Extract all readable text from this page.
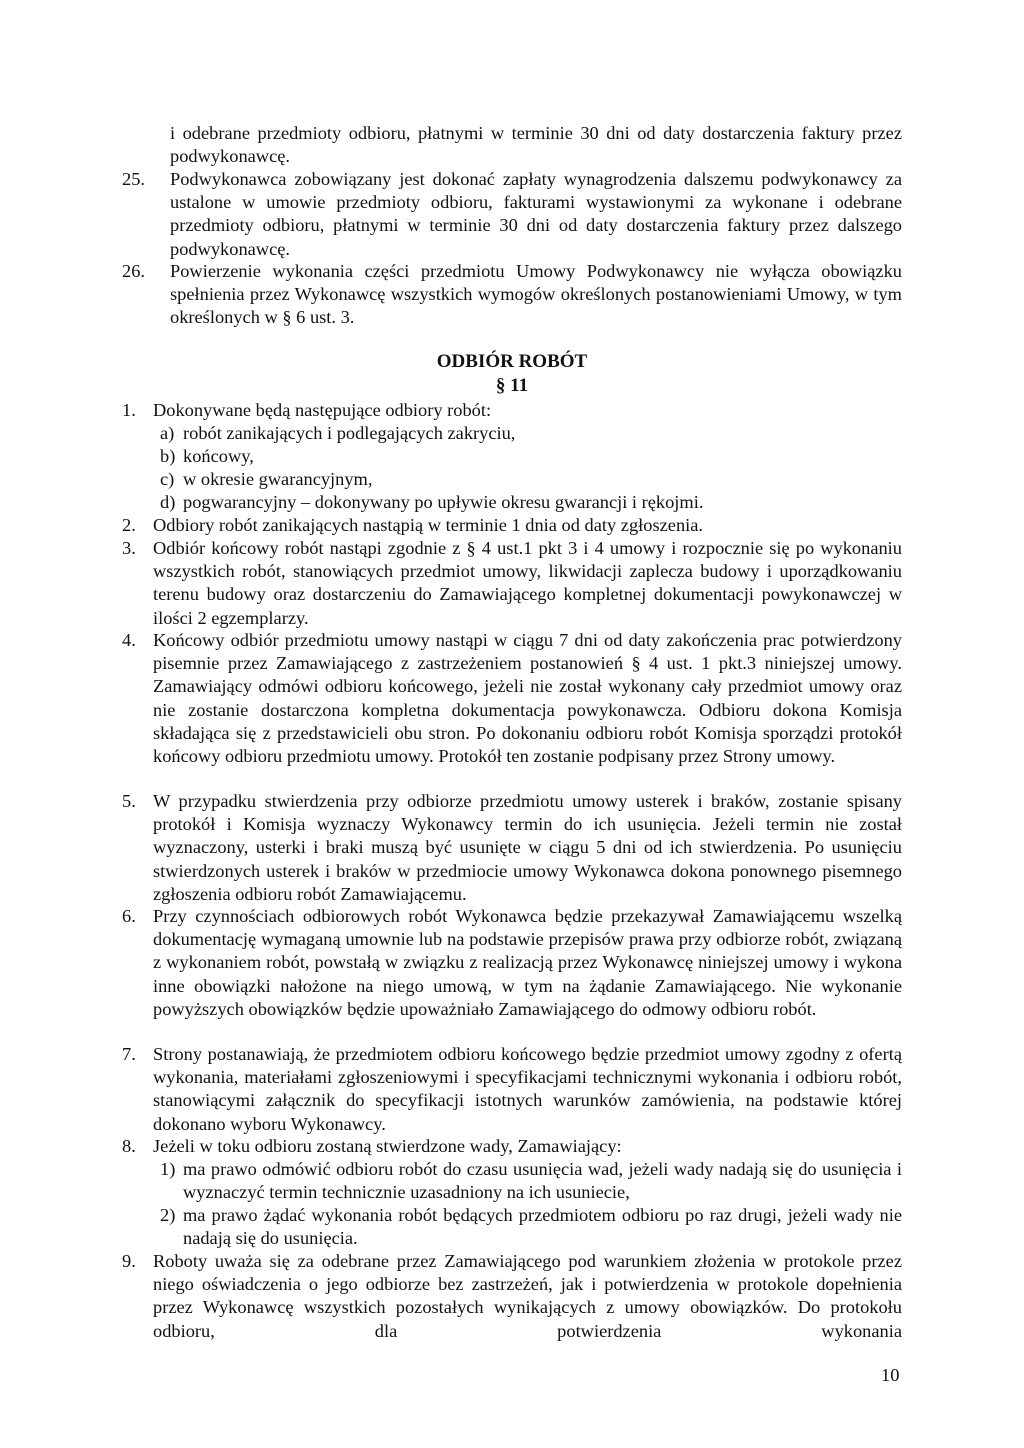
i odebrane przedmioty odbioru, płatnymi w terminie 30 dni od daty dostarczenia faktury przez podwykonawcę.
25. Podwykonawca zobowiązany jest dokonać zapłaty wynagrodzenia dalszemu podwykonawcy za ustalone w umowie przedmioty odbioru, fakturami wystawionymi za wykonane i odebrane przedmioty odbioru, płatnymi w terminie 30 dni od daty dostarczenia faktury przez dalszego podwykonawcę.
26. Powierzenie wykonania części przedmiotu Umowy Podwykonawcy nie wyłącza obowiązku spełnienia przez Wykonawcę wszystkich wymogów określonych postanowieniami Umowy, w tym określonych w § 6 ust. 3.
ODBIÓR ROBÓT
§ 11
1. Dokonywane będą następujące odbiory robót:
a) robót zanikających i podlegających zakryciu,
b) końcowy,
c) w okresie gwarancyjnym,
d) pogwarancyjny – dokonywany po upływie okresu gwarancji i rękojmi.
2. Odbiory robót zanikających nastąpią w terminie 1 dnia od daty zgłoszenia.
3. Odbiór końcowy robót nastąpi zgodnie z § 4 ust.1 pkt 3 i 4 umowy i rozpocznie się po wykonaniu wszystkich robót, stanowiących przedmiot umowy, likwidacji zaplecza budowy i uporządkowaniu terenu budowy oraz dostarczeniu do Zamawiającego kompletnej dokumentacji powykonawczej w ilości 2 egzemplarzy.
4. Końcowy odbiór przedmiotu umowy nastąpi w ciągu 7 dni od daty zakończenia prac potwierdzony pisemnie przez Zamawiającego z zastrzeżeniem postanowień § 4 ust. 1 pkt.3 niniejszej umowy. Zamawiający odmówi odbioru końcowego, jeżeli nie został wykonany cały przedmiot umowy oraz nie zostanie dostarczona kompletna dokumentacja powykonawcza. Odbioru dokona Komisja składająca się z przedstawicieli obu stron. Po dokonaniu odbioru robót Komisja sporządzi protokół końcowy odbioru przedmiotu umowy. Protokół ten zostanie podpisany przez Strony umowy.
5. W przypadku stwierdzenia przy odbiorze przedmiotu umowy usterek i braków, zostanie spisany protokół i Komisja wyznaczy Wykonawcy termin do ich usunięcia. Jeżeli termin nie został wyznaczony, usterki i braki muszą być usunięte w ciągu 5 dni od ich stwierdzenia. Po usunięciu stwierdzonych usterek i braków w przedmiocie umowy Wykonawca dokona ponownego pisemnego zgłoszenia odbioru robót Zamawiającemu.
6. Przy czynnościach odbiorowych robót Wykonawca będzie przekazywał Zamawiającemu wszelką dokumentację wymaganą umownie lub na podstawie przepisów prawa przy odbiorze robót, związaną z wykonaniem robót, powstałą w związku z realizacją przez Wykonawcę niniejszej umowy i wykona inne obowiązki nałożone na niego umową, w tym na żądanie Zamawiającego. Nie wykonanie powyższych obowiązków będzie upoważniało Zamawiającego do odmowy odbioru robót.
7. Strony postanawiają, że przedmiotem odbioru końcowego będzie przedmiot umowy zgodny z ofertą wykonania, materiałami zgłoszeniowymi i specyfikacjami technicznymi wykonania i odbioru robót, stanowiącymi załącznik do specyfikacji istotnych warunków zamówienia, na podstawie której dokonano wyboru Wykonawcy.
8. Jeżeli w toku odbioru zostaną stwierdzone wady, Zamawiający:
1) ma prawo odmówić odbioru robót do czasu usunięcia wad, jeżeli wady nadają się do usunięcia i wyznaczyć termin technicznie uzasadniony na ich usuniecie,
2) ma prawo żądać wykonania robót będących przedmiotem odbioru po raz drugi, jeżeli wady nie nadają się do usunięcia.
9. Roboty uważa się za odebrane przez Zamawiającego pod warunkiem złożenia w protokole przez niego oświadczenia o jego odbiorze bez zastrzeżeń, jak i potwierdzenia w protokole dopełnienia przez Wykonawcę wszystkich pozostałych wynikających z umowy obowiązków. Do protokołu odbioru, dla potwierdzenia wykonania
10
